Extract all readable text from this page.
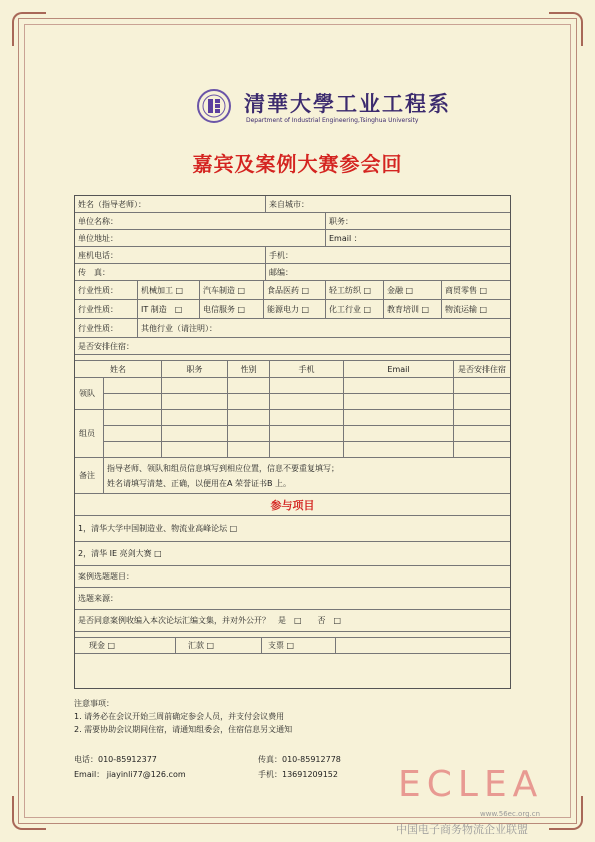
清華大學工业工程系
Department of Industrial Engineering,Tsinghua University
嘉宾及案例大赛参会回
姓名（指导老师）：	来自城市：
单位名称：	职务：
单位地址：	Email ：
座机电话：	手机：
传　真：	邮编：
行业性质：	机械加工 □	汽车制造 □	食品医药 □	轻工纺织 □	金融 □	商贸零售 □
行业性质：	IT 制造　□	电信服务 □	能源电力 □	化工行业 □	教育培训 □	物流运输 □
行业性质：	其他行业（请注明）：
是否安排住宿：
姓名	职务	性别	手机	Email	是否安排住宿
领队
组员
备注
指导老师、领队和组员信息填写到相应位置，信息不要重复填写；
姓名请填写清楚、正确，以便用在A 荣誉证书B 上。
参与项目
1，清华大学中国制造业、物流业高峰论坛 □
2，清华 IE 亮剑大赛 □
案例选题题目：
选题来源：
是否同意案例收编入本次论坛汇编文集，并对外公开？　是　□　　否　□
现金 □	汇款 □	支票 □
注意事项：
1. 请务必在会议开始三周前确定参会人员，并支付会议费用
2. 需要协助会议期间住宿，请通知组委会，住宿信息另文通知
电话：010-85912377	传真：010-85912778
Email： jiayinli77@126.com	手机：13691209152 ECLEA
www.56ec.org.cn
中国电子商务物流企业联盟
